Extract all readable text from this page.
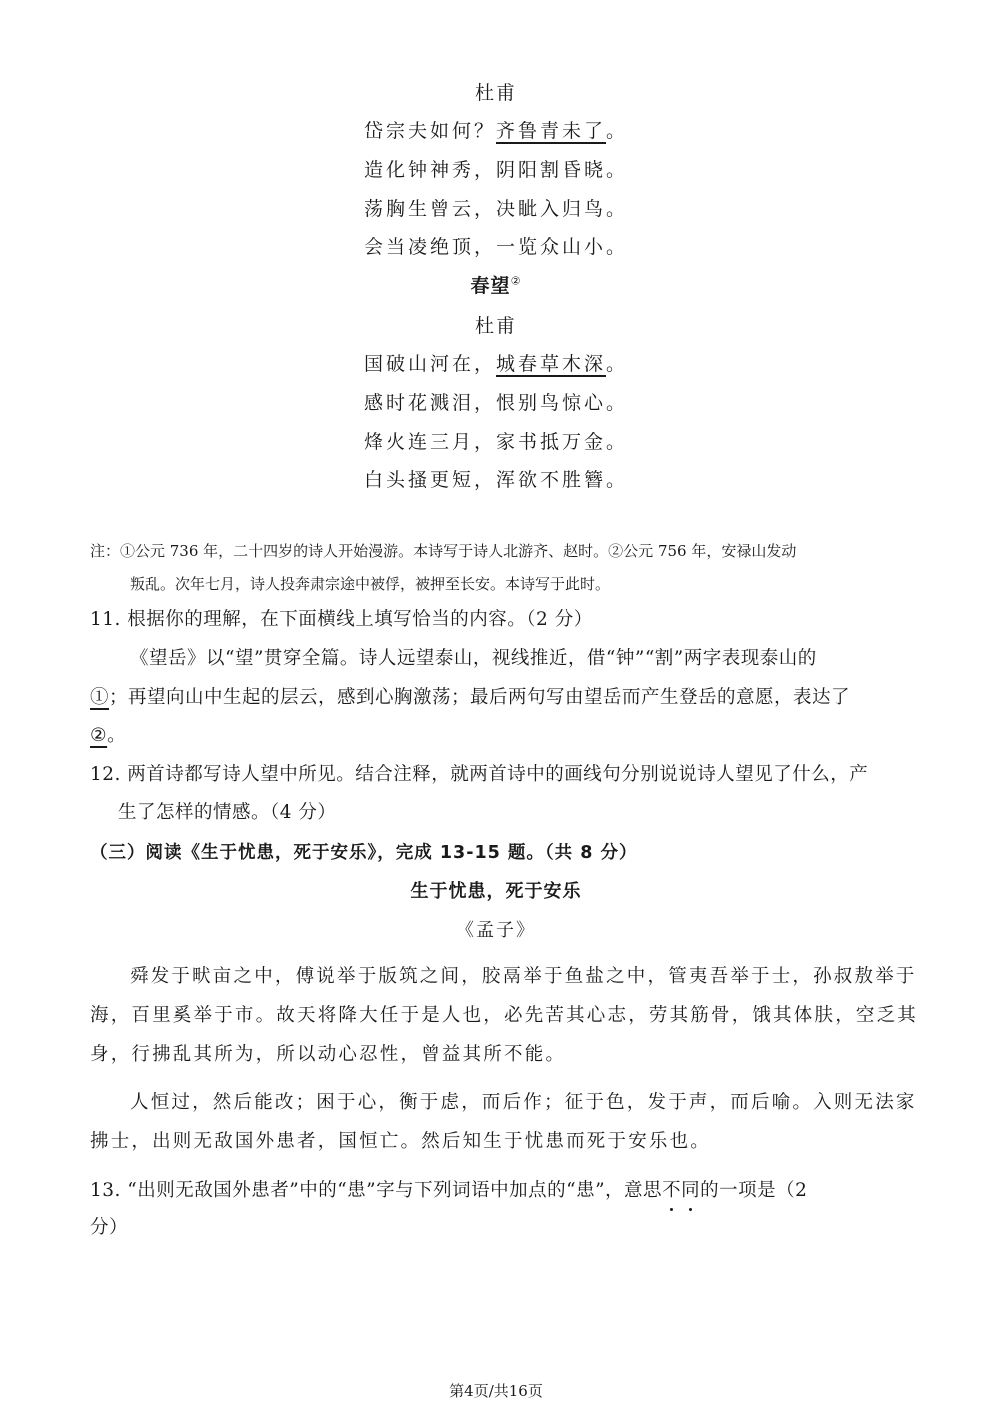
杜甫
岱宗夫如何？齐鲁青未了。
造化钟神秀，阴阳割昏晓。
荡胸生曾云，决眦入归鸟。
会当凌绝顶，一览众山小。
春望②
杜甫
国破山河在，城春草木深。
感时花溅泪，恨别鸟惊心。
烽火连三月，家书抵万金。
白头搔更短，浑欲不胜簪。
注：①公元 736 年，二十四岁的诗人开始漫游。本诗写于诗人北游齐、赵时。②公元 756 年，安禄山发动
叛乱。次年七月，诗人投奔肃宗途中被俘，被押至长安。本诗写于此时。
11. 根据你的理解，在下面横线上填写恰当的内容。（2 分）
《望岳》以“望”贯穿全篇。诗人远望泰山，视线推近，借“钟”“割”两字表现泰山的
①；再望向山中生起的层云，感到心胸激荡；最后两句写由望岳而产生登岳的意愿，表达了
②。
12. 两首诗都写诗人望中所见。结合注释，就两首诗中的画线句分别说说诗人望见了什么，产
生了怎样的情感。（4 分）
（三）阅读《生于忧患，死于安乐》，完成 13-15 题。（共 8 分）
生于忧患，死于安乐
《孟子》
舜发于畎亩之中，傅说举于版筑之间，胶鬲举于鱼盐之中，管夷吾举于士，孙叔敖举于
海，百里奚举于市。故天将降大任于是人也，必先苦其心志，劳其筋骨，饿其体肤，空乏其
身，行拂乱其所为，所以动心忍性，曾益其所不能。
人恒过，然后能改；困于心，衡于虑，而后作；征于色，发于声，而后喻。入则无法家
拂士，出则无敌国外患者，国恒亡。然后知生于忧患而死于安乐也。
13. “出则无敌国外患者”中的“患”字与下列词语中加点的“患”，意思不同的一项是（2
分）
第4页/共16页
